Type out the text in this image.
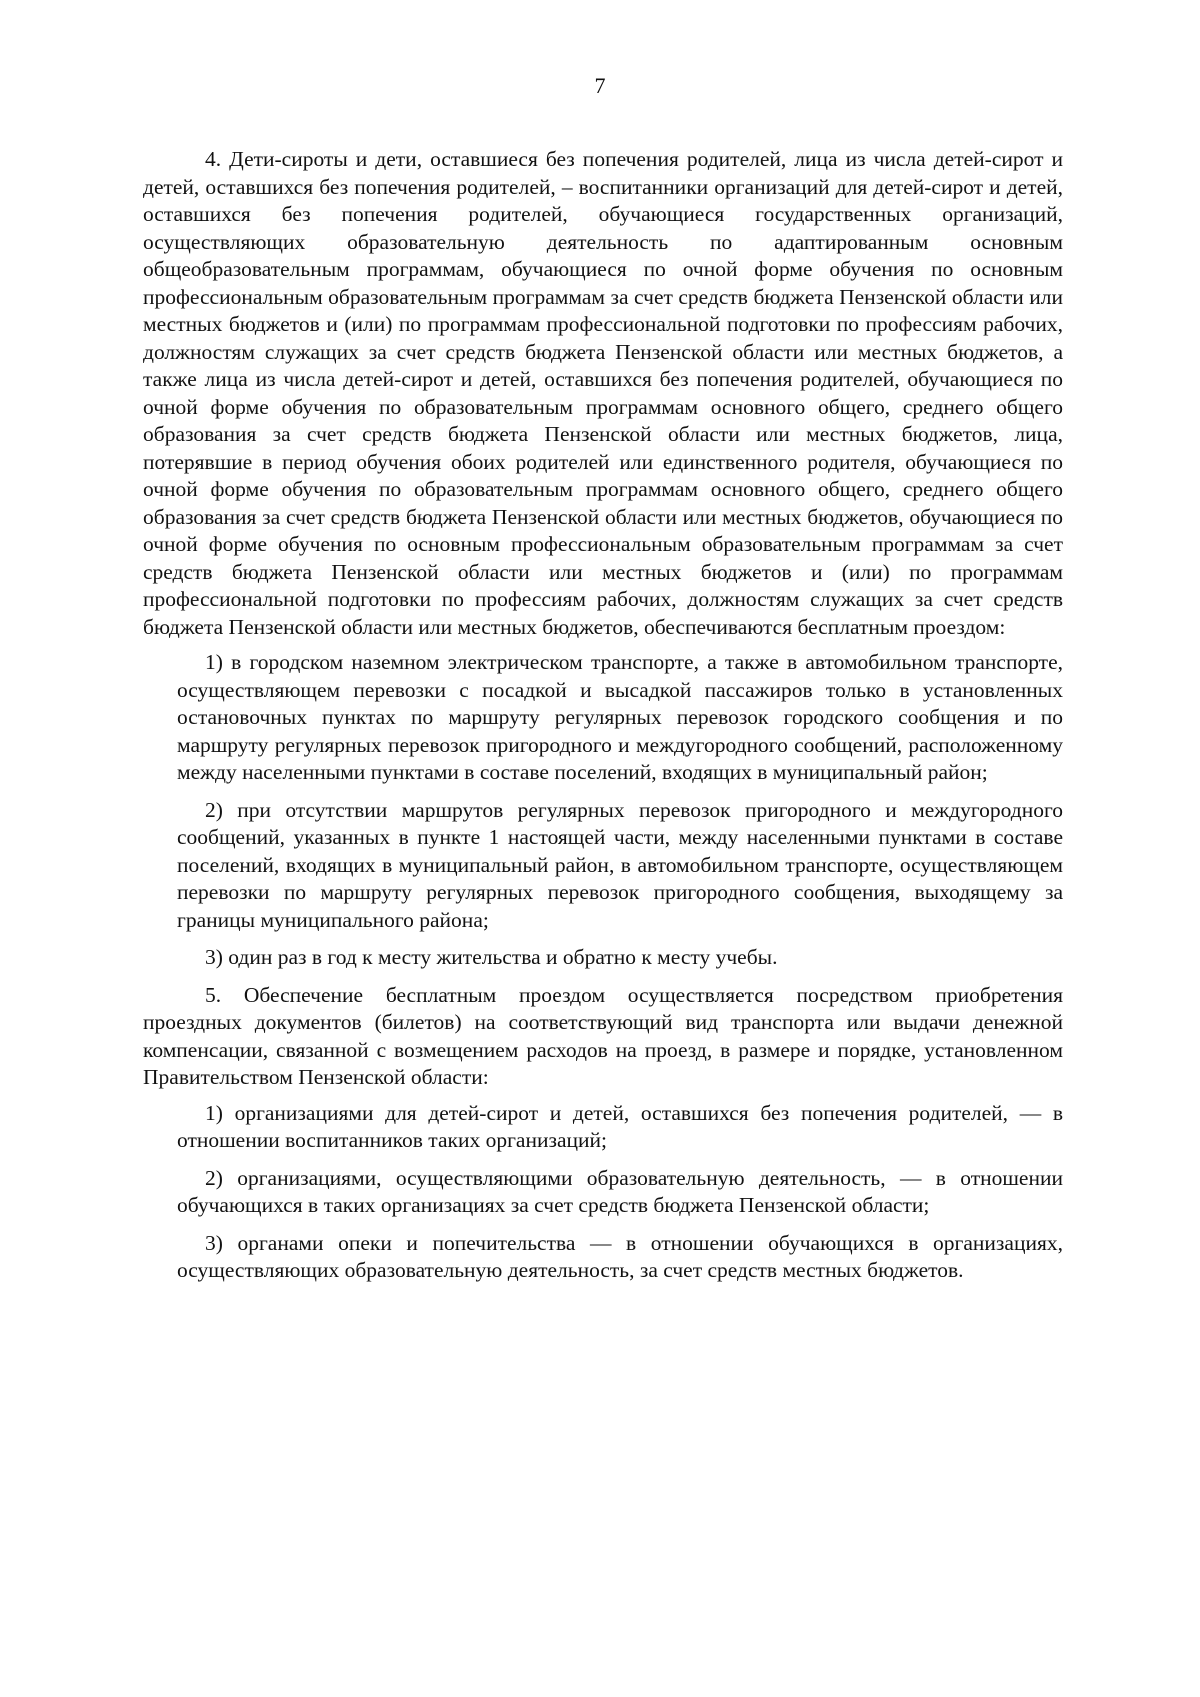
7

4. Дети-сироты и дети, оставшиеся без попечения родителей, лица из числа детей-сирот и детей, оставшихся без попечения родителей, – воспитанники организаций для детей-сирот и детей, оставшихся без попечения родителей, обучающиеся государственных организаций, осуществляющих образовательную деятельность по адаптированным основным общеобразовательным программам, обучающиеся по очной форме обучения по основным профессиональным образовательным программам за счет средств бюджета Пензенской области или местных бюджетов и (или) по программам профессиональной подготовки по профессиям рабочих, должностям служащих за счет средств бюджета Пензенской области или местных бюджетов, а также лица из числа детей-сирот и детей, оставшихся без попечения родителей, обучающиеся по очной форме обучения по образовательным программам основного общего, среднего общего образования за счет средств бюджета Пензенской области или местных бюджетов, лица, потерявшие в период обучения обоих родителей или единственного родителя, обучающиеся по очной форме обучения по образовательным программам основного общего, среднего общего образования за счет средств бюджета Пензенской области или местных бюджетов, обучающиеся по очной форме обучения по основным профессиональным образовательным программам за счет средств бюджета Пензенской области или местных бюджетов и (или) по программам профессиональной подготовки по профессиям рабочих, должностям служащих за счет средств бюджета Пензенской области или местных бюджетов, обеспечиваются бесплатным проездом:

1) в городском наземном электрическом транспорте, а также в автомобильном транспорте, осуществляющем перевозки с посадкой и высадкой пассажиров только в установленных остановочных пунктах по маршруту регулярных перевозок городского сообщения и по маршруту регулярных перевозок пригородного и междугородного сообщений, расположенному между населенными пунктами в составе поселений, входящих в муниципальный район;

2) при отсутствии маршрутов регулярных перевозок пригородного и междугородного сообщений, указанных в пункте 1 настоящей части, между населенными пунктами в составе поселений, входящих в муниципальный район, в автомобильном транспорте, осуществляющем перевозки по маршруту регулярных перевозок пригородного сообщения, выходящему за границы муниципального района;

3) один раз в год к месту жительства и обратно к месту учебы.

5. Обеспечение бесплатным проездом осуществляется посредством приобретения проездных документов (билетов) на соответствующий вид транспорта или выдачи денежной компенсации, связанной с возмещением расходов на проезд, в размере и порядке, установленном Правительством Пензенской области:

1) организациями для детей-сирот и детей, оставшихся без попечения родителей, — в отношении воспитанников таких организаций;

2) организациями, осуществляющими образовательную деятельность, — в отношении обучающихся в таких организациях за счет средств бюджета Пензенской области;

3) органами опеки и попечительства — в отношении обучающихся в организациях, осуществляющих образовательную деятельность, за счет средств местных бюджетов.
